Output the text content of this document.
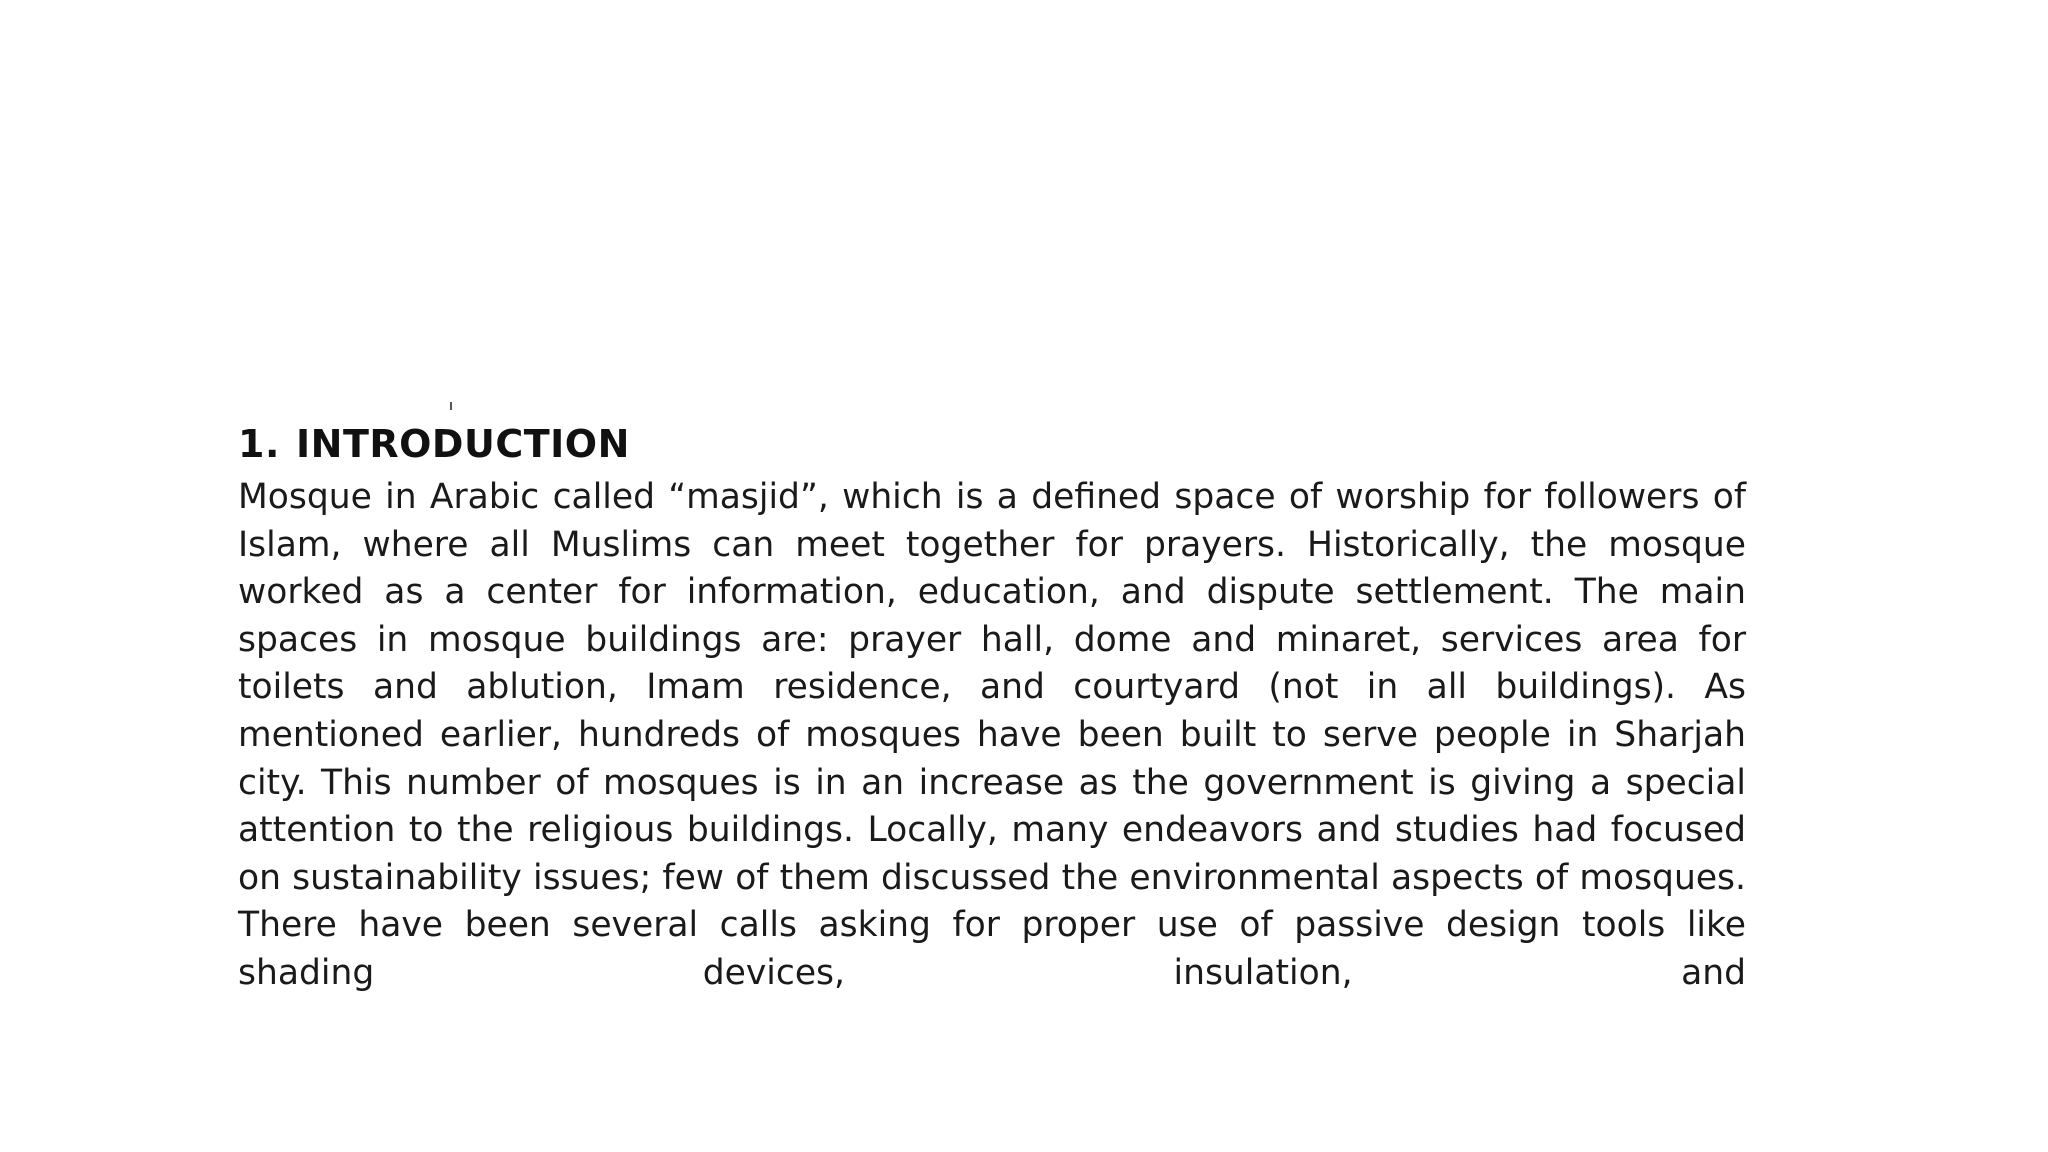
1. INTRODUCTION

Mosque in Arabic called “masjid”, which is a defined space of worship for followers of Islam, where all Muslims can meet together for prayers. Historically, the mosque worked as a center for information, education, and dispute settlement. The main spaces in mosque buildings are: prayer hall, dome and minaret, services area for toilets and ablution, Imam residence, and courtyard (not in all buildings). As mentioned earlier, hundreds of mosques have been built to serve people in Sharjah city. This number of mosques is in an increase as the government is giving a special attention to the religious buildings. Locally, many endeavors and studies had focused on sustainability issues; few of them discussed the environmental aspects of mosques. There have been several calls asking for proper use of passive design tools like shading devices, insulation, and
